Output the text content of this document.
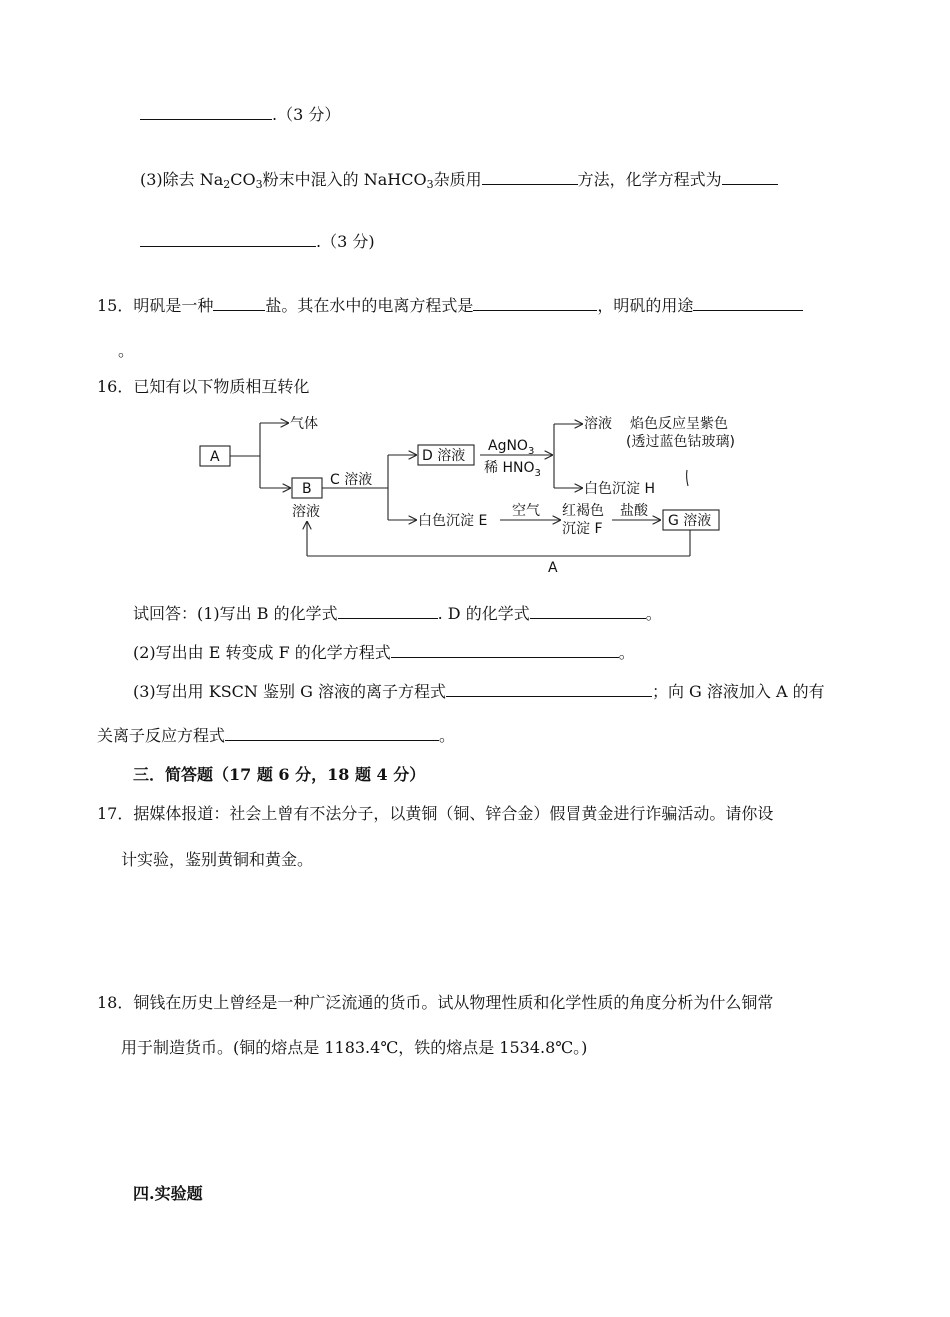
.（3 分）
(3)除去 $Na_2CO_3$粉末中混入的 NaHCO$_3$杂质用	方法，化学方程式为
.（3 分)
15．明矾是一种	盐。其在水中的电离方程式是	，明矾的用途
。
16．已知有以下物质相互转化
A
气体
B
溶液
C 溶液
D 溶液
AgNO$_3$
稀 $HNO_3$
溶液 焰色反应呈紫色
(透过蓝色钴玻璃)
白色沉淀 H
白色沉淀 E
空气 红褐色
沉淀 F
盐酸
G 溶液
A
试回答：(1)写出 B 的化学式	. D 的化学式	。
(2)写出由 E 转变成 F 的化学方程式	。
(3)写出用 KSCN 鉴别 G 溶液的离子方程式	；向 G 溶液加入 A 的有
关离子反应方程式	。
三．简答题（17 题 6 分，18 题 4 分）
17．据媒体报道：社会上曾有不法分子，以黄铜（铜、锌合金）假冒黄金进行诈骗活动。请你设
计实验，鉴别黄铜和黄金。
18．铜钱在历史上曾经是一种广泛流通的货币。试从物理性质和化学性质的角度分析为什么铜常
用于制造货币。(铜的熔点是 1183.4℃，铁的熔点是 1534.8℃。)
四.实验题
